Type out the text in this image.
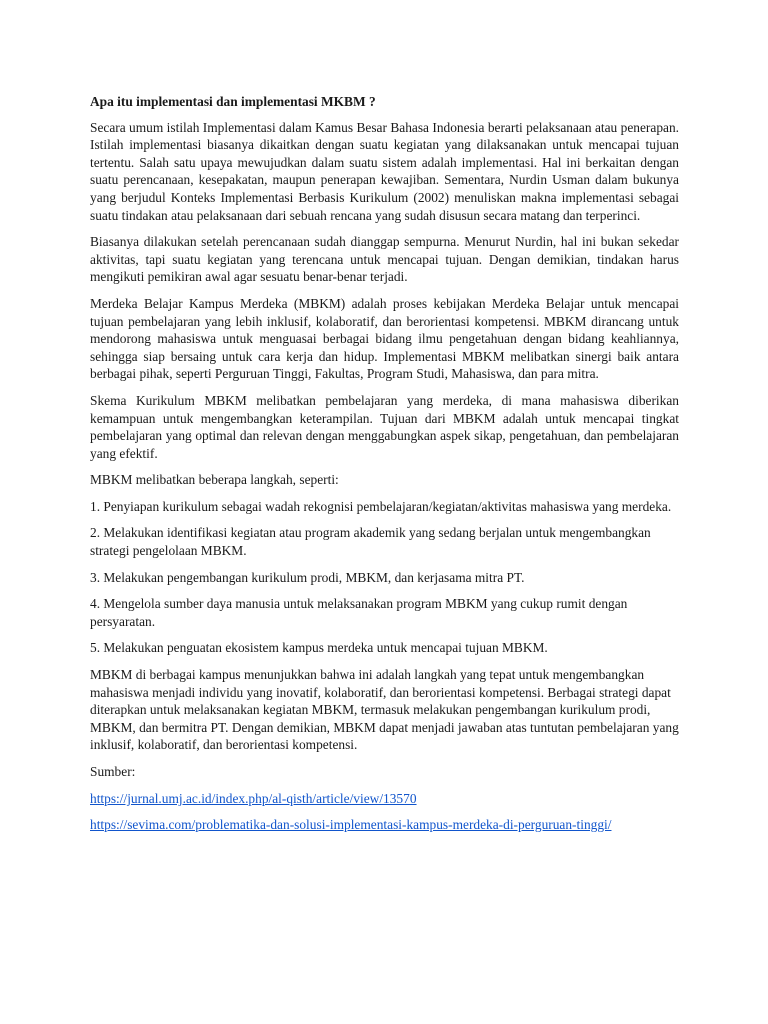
Apa itu implementasi dan implementasi MKBM ?

Secara umum istilah Implementasi dalam Kamus Besar Bahasa Indonesia berarti pelaksanaan atau penerapan. Istilah implementasi biasanya dikaitkan dengan suatu kegiatan yang dilaksanakan untuk mencapai tujuan tertentu. Salah satu upaya mewujudkan dalam suatu sistem adalah implementasi. Hal ini berkaitan dengan suatu perencanaan, kesepakatan, maupun penerapan kewajiban. Sementara, Nurdin Usman dalam bukunya yang berjudul Konteks Implementasi Berbasis Kurikulum (2002) menuliskan makna implementasi sebagai suatu tindakan atau pelaksanaan dari sebuah rencana yang sudah disusun secara matang dan terperinci.

Biasanya dilakukan setelah perencanaan sudah dianggap sempurna. Menurut Nurdin, hal ini bukan sekedar aktivitas, tapi suatu kegiatan yang terencana untuk mencapai tujuan. Dengan demikian, tindakan harus mengikuti pemikiran awal agar sesuatu benar-benar terjadi.

Merdeka Belajar Kampus Merdeka (MBKM) adalah proses kebijakan Merdeka Belajar untuk mencapai tujuan pembelajaran yang lebih inklusif, kolaboratif, dan berorientasi kompetensi. MBKM dirancang untuk mendorong mahasiswa untuk menguasai berbagai bidang ilmu pengetahuan dengan bidang keahliannya, sehingga siap bersaing untuk cara kerja dan hidup. Implementasi MBKM melibatkan sinergi baik antara berbagai pihak, seperti Perguruan Tinggi, Fakultas, Program Studi, Mahasiswa, dan para mitra.

Skema Kurikulum MBKM melibatkan pembelajaran yang merdeka, di mana mahasiswa diberikan kemampuan untuk mengembangkan keterampilan. Tujuan dari MBKM adalah untuk mencapai tingkat pembelajaran yang optimal dan relevan dengan menggabungkan aspek sikap, pengetahuan, dan pembelajaran yang efektif.

MBKM melibatkan beberapa langkah, seperti:

1. Penyiapan kurikulum sebagai wadah rekognisi pembelajaran/kegiatan/aktivitas mahasiswa yang merdeka.

2. Melakukan identifikasi kegiatan atau program akademik yang sedang berjalan untuk mengembangkan strategi pengelolaan MBKM.

3. Melakukan pengembangan kurikulum prodi, MBKM, dan kerjasama mitra PT.

4. Mengelola sumber daya manusia untuk melaksanakan program MBKM yang cukup rumit dengan persyaratan.

5. Melakukan penguatan ekosistem kampus merdeka untuk mencapai tujuan MBKM.

MBKM di berbagai kampus menunjukkan bahwa ini adalah langkah yang tepat untuk mengembangkan mahasiswa menjadi individu yang inovatif, kolaboratif, dan berorientasi kompetensi. Berbagai strategi dapat diterapkan untuk melaksanakan kegiatan MBKM, termasuk melakukan pengembangan kurikulum prodi, MBKM, dan bermitra PT. Dengan demikian, MBKM dapat menjadi jawaban atas tuntutan pembelajaran yang inklusif, kolaboratif, dan berorientasi kompetensi.

Sumber:

https://jurnal.umj.ac.id/index.php/al-qisth/article/view/13570
https://sevima.com/problematika-dan-solusi-implementasi-kampus-merdeka-di-perguruan-tinggi/
